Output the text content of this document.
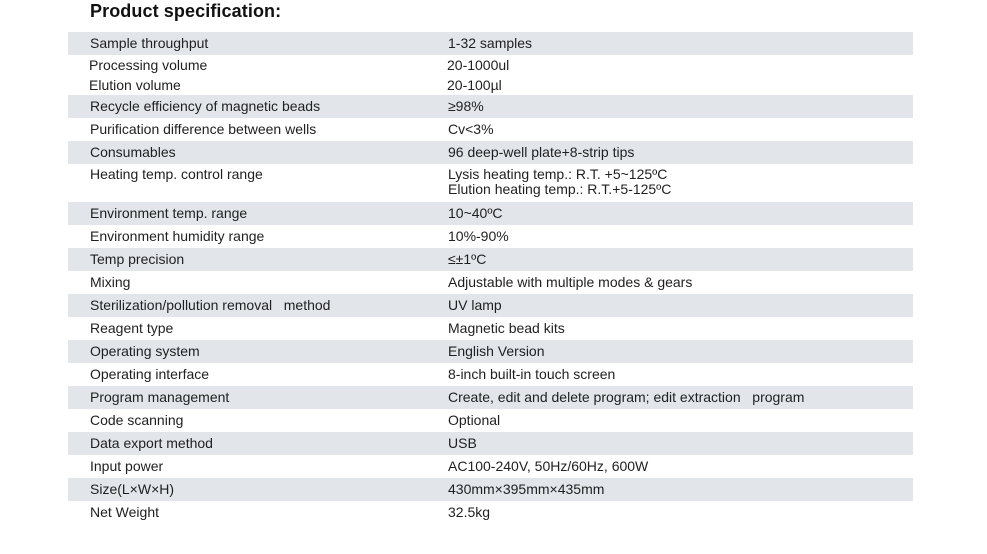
Product specification:
Sample throughput	1-32 samples
Processing volume	20-1000ul
Elution volume	20-100µl
Recycle efficiency of magnetic beads	≥98%
Purification difference between wells	Cv<3%
Consumables	96 deep-well plate+8-strip tips
Heating temp. control range	Lysis heating temp.: R.T. +5~125ºC
Elution heating temp.: R.T.+5-125ºC
Environment temp. range	10~40ºC
Environment humidity range	10%-90%
Temp precision	≤±1ºC
Mixing	Adjustable with multiple modes & gears
Sterilization/pollution removal   method	UV lamp
Reagent type	Magnetic bead kits
Operating system	English Version
Operating interface	8-inch built-in touch screen
Program management	Create, edit and delete program; edit extraction   program
Code scanning	Optional
Data export method	USB
Input power	AC100-240V, 50Hz/60Hz, 600W
Size(L×W×H)	430mm×395mm×435mm
Net Weight	32.5kg
